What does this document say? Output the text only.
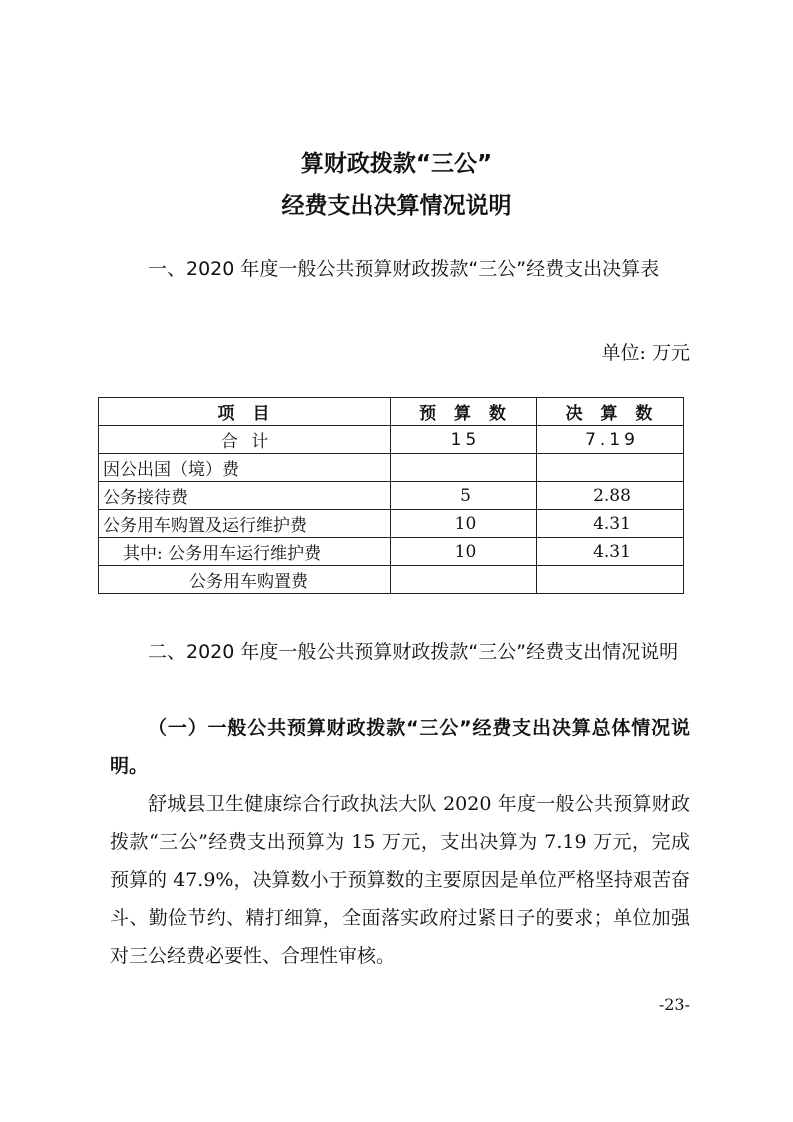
算财政拨款“三公”
经费支出决算情况说明
一、2020 年度一般公共预算财政拨款“三公”经费支出决算表
单位: 万元
项 目	预 算 数	决 算 数
合 计	15	7.19
因公出国（境）费		
公务接待费	5	2.88
公务用车购置及运行维护费	10	4.31
其中: 公务用车运行维护费	10	4.31
公务用车购置费		
二、2020 年度一般公共预算财政拨款“三公”经费支出情况说明
（一）一般公共预算财政拨款“三公”经费支出决算总体情况说明。
舒城县卫生健康综合行政执法大队 2020 年度一般公共预算财政拨款“三公”经费支出预算为 15 万元，支出决算为 7.19 万元，完成预算的 47.9%，决算数小于预算数的主要原因是单位严格坚持艰苦奋斗、勤俭节约、精打细算，全面落实政府过紧日子的要求；单位加强对三公经费必要性、合理性审核。
-23-
